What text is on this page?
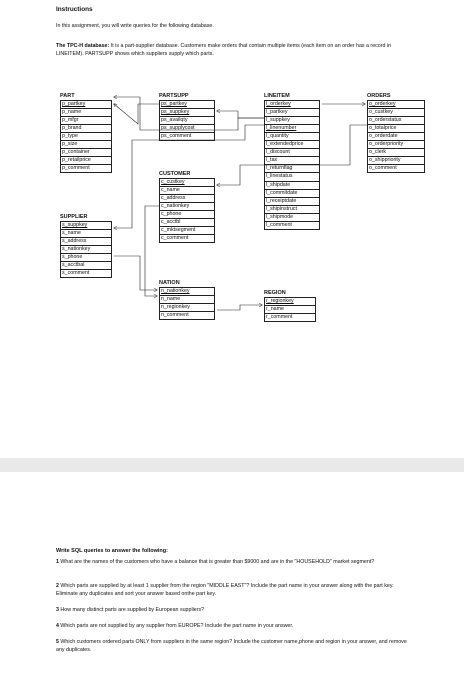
Instructions
In this assignment, you will write queries for the following database.
The TPC-H database: It is a part-supplier database. Customers make orders that contain multiple items (each item on an order has a record in LINEITEM). PARTSUPP shows which suppliers supply which parts.
PART
p_partkey
p_name
p_mfgr
p_brand
p_type
p_size
p_container
p_retailprice
p_comment
PARTSUPP
ps_partkey
ps_suppkey
ps_availqty
ps_supplycost
ps_comment
LINEITEM
l_orderkey
l_partkey
l_suppkey
l_linenumber
l_quantity
l_extendedprice
l_discount
l_tax
l_returnflag
l_linestatus
l_shipdate
l_commitdate
l_receiptdate
l_shipinstruct
l_shipmode
l_comment
ORDERS
o_orderkey
o_custkey
o_orderstatus
o_totalprice
o_orderdate
o_orderpriority
o_clerk
o_shippriority
o_comment
CUSTOMER
c_custkey
c_name
c_address
c_nationkey
c_phone
c_acctbl
c_mktsegment
c_comment
SUPPLIER
s_suppkey
s_name
s_address
s_nationkey
s_phone
s_acctbal
s_comment
NATION
n_nationkey
n_name
n_regionkey
n_comment
REGION
r_regionkey
r_name
r_comment
Write SQL queries to answer the following:
1 What are the names of the customers who have a balance that is greater than $9000 and are in the "HOUSEHOLD" market segment?
2 Which parts are supplied by at least 1 supplier from the region "MIDDLE EAST"? Include the part name in your answer along with the part key. Eliminate any duplicates and sort your answer based onthe part key.
3 How many distinct parts are supplied by European suppliers?
4 Which parts are not supplied by any supplier from EUROPE? Include the part name in your answer.
5 Which customers ordered parts ONLY from suppliers in the same region? Include the customer name,phone and region in your answer, and remove any duplicates.
